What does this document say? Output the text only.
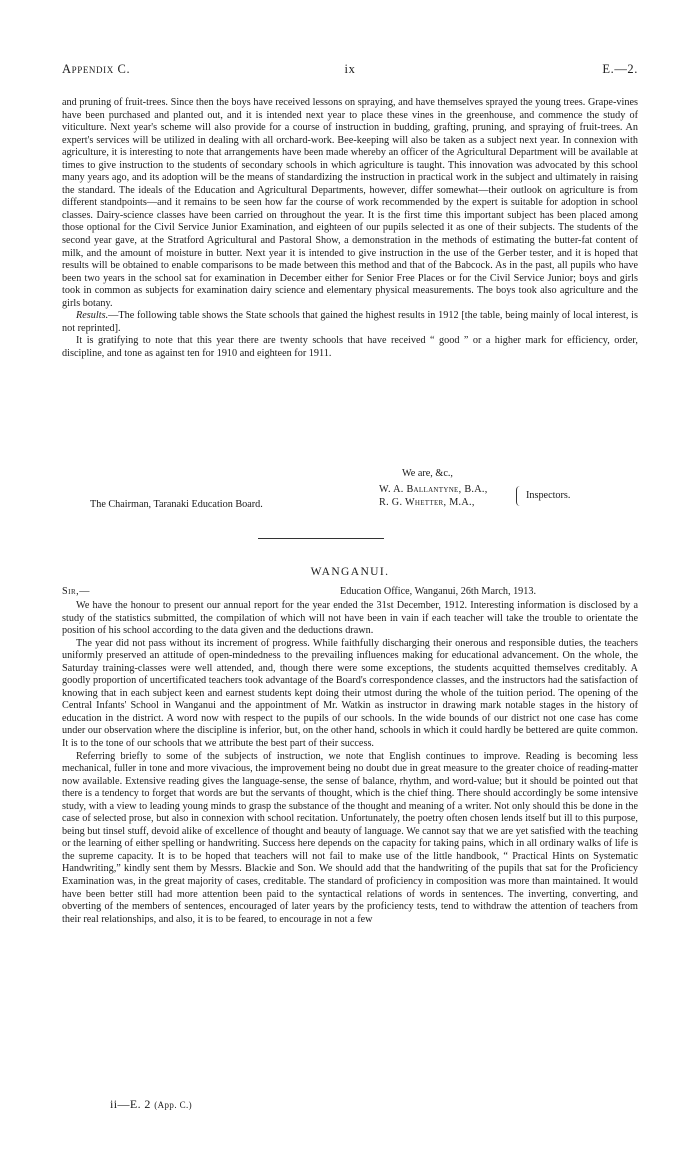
Appendix C.	ix	E.—2.

and pruning of fruit-trees. Since then the boys have received lessons on spraying, and have themselves sprayed the young trees. Grape-vines have been purchased and planted out, and it is intended next year to place these vines in the greenhouse, and commence the study of viticulture. Next year's scheme will also provide for a course of instruction in budding, grafting, pruning, and spraying of fruit-trees. An expert's services will be utilized in dealing with all orchard-work. Bee-keeping will also be taken as a subject next year. In connexion with agriculture, it is interesting to note that arrangements have been made whereby an officer of the Agricultural Department will be available at times to give instruction to the students of secondary schools in which agriculture is taught. This innovation was advocated by this school many years ago, and its adoption will be the means of standardizing the instruction in practical work in the subject and ultimately in raising the standard. The ideals of the Education and Agricultural Departments, however, differ somewhat—their outlook on agriculture is from different standpoints—and it remains to be seen how far the course of work recommended by the expert is suitable for adoption in school classes. Dairy-science classes have been carried on throughout the year. It is the first time this important subject has been placed among those optional for the Civil Service Junior Examination, and eighteen of our pupils selected it as one of their subjects. The students of the second year gave, at the Stratford Agricultural and Pastoral Show, a demonstration in the methods of estimating the butter-fat content of milk, and the amount of moisture in butter. Next year it is intended to give instruction in the use of the Gerber tester, and it is hoped that results will be obtained to enable comparisons to be made between this method and that of the Babcock. As in the past, all pupils who have been two years in the school sat for examination in December either for Senior Free Places or for the Civil Service Junior; boys and girls took in common as subjects for examination dairy science and elementary physical measurements. The boys took also agriculture and the girls botany.

Results.—The following table shows the State schools that gained the highest results in 1912 [the table, being mainly of local interest, is not reprinted].

It is gratifying to note that this year there are twenty schools that have received “ good ” or a higher mark for efficiency, order, discipline, and tone as against ten for 1910 and eighteen for 1911.

We are, &c.,
W. A. Ballantyne, B.A.,
R. G. Whetter, M.A.,
Inspectors.
The Chairman, Taranaki Education Board.
WANGANUI.
Sir,—	Education Office, Wanganui, 26th March, 1913.

We have the honour to present our annual report for the year ended the 31st December, 1912. Interesting information is disclosed by a study of the statistics submitted, the compilation of which will not have been in vain if each teacher will take the trouble to orientate the position of his school according to the data given and the deductions drawn.

The year did not pass without its increment of progress. While faithfully discharging their onerous and responsible duties, the teachers uniformly preserved an attitude of open-mindedness to the prevailing influences making for educational advancement. On the whole, the Saturday training-classes were well attended, and, though there were some exceptions, the students acquitted themselves creditably. A goodly proportion of uncertificated teachers took advantage of the Board's correspondence classes, and the instructors had the satisfaction of knowing that in each subject keen and earnest students kept doing their utmost during the whole of the tuition period. The opening of the Central Infants' School in Wanganui and the appointment of Mr. Watkin as instructor in drawing mark notable stages in the history of education in the district. A word now with respect to the pupils of our schools. In the wide bounds of our district not one case has come under our observation where the discipline is inferior, but, on the other hand, schools in which it could hardly be bettered are quite common. It is to the tone of our schools that we attribute the best part of their success.

Referring briefly to some of the subjects of instruction, we note that English continues to improve. Reading is becoming less mechanical, fuller in tone and more vivacious, the improvement being no doubt due in great measure to the greater choice of reading-matter now available. Extensive reading gives the language-sense, the sense of balance, rhythm, and word-value; but it should be pointed out that there is a tendency to forget that words are but the servants of thought, which is the chief thing. There should accordingly be some intensive study, with a view to leading young minds to grasp the substance of the thought and meaning of a writer. Not only should this be done in the case of selected prose, but also in connexion with school recitation. Unfortunately, the poetry often chosen lends itself but ill to this purpose, being but tinsel stuff, devoid alike of excellence of thought and beauty of language. We cannot say that we are yet satisfied with the teaching or the learning of either spelling or handwriting. Success here depends on the capacity for taking pains, which in all ordinary walks of life is the supreme capacity. It is to be hoped that teachers will not fail to make use of the little handbook, “ Practical Hints on Systematic Handwriting,” kindly sent them by Messrs. Blackie and Son. We should add that the handwriting of the pupils that sat for the Proficiency Examination was, in the great majority of cases, creditable. The standard of proficiency in composition was more than maintained. It would have been better still had more attention been paid to the syntactical relations of words in sentences. The inverting, converting, and obverting of the members of sentences, encouraged of later years by the proficiency tests, tend to withdraw the attention of teachers from their real relationships, and also, it is to be feared, to encourage in not a few

ii—E. 2 (App. C.)
